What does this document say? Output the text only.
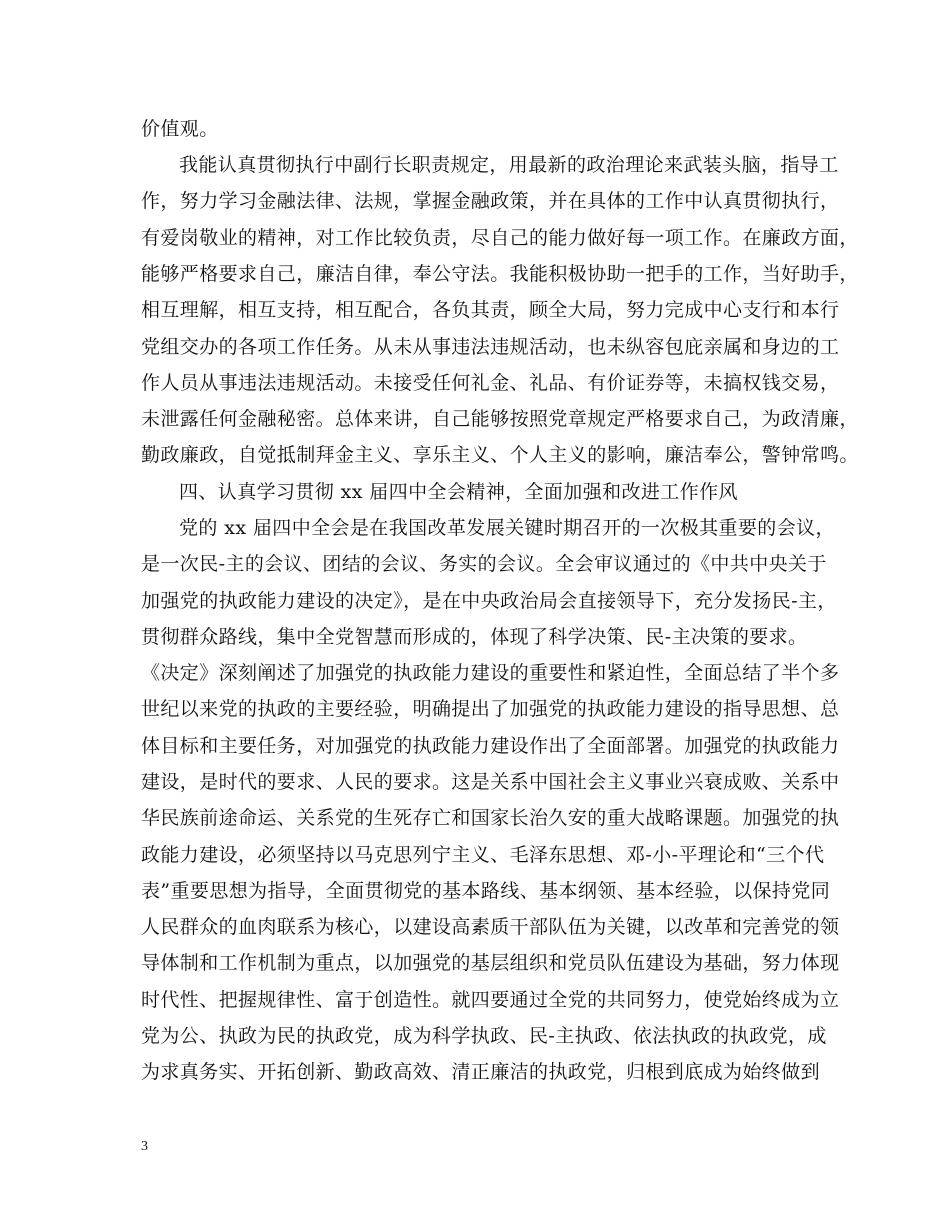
价值观。
我能认真贯彻执行中副行长职责规定，用最新的政治理论来武装头脑，指导工
作，努力学习金融法律、法规，掌握金融政策，并在具体的工作中认真贯彻执行，
有爱岗敬业的精神，对工作比较负责，尽自己的能力做好每一项工作。在廉政方面，
能够严格要求自己，廉洁自律，奉公守法。我能积极协助一把手的工作，当好助手，
相互理解，相互支持，相互配合，各负其责，顾全大局，努力完成中心支行和本行
党组交办的各项工作任务。从未从事违法违规活动，也未纵容包庇亲属和身边的工
作人员从事违法违规活动。未接受任何礼金、礼品、有价证券等，未搞权钱交易，
未泄露任何金融秘密。总体来讲，自己能够按照党章规定严格要求自己，为政清廉，
勤政廉政，自觉抵制拜金主义、享乐主义、个人主义的影响，廉洁奉公，警钟常鸣。
四、认真学习贯彻 xx 届四中全会精神，全面加强和改进工作作风
党的 xx 届四中全会是在我国改革发展关键时期召开的一次极其重要的会议，
是一次民-主的会议、团结的会议、务实的会议。全会审议通过的《中共中央关于
加强党的执政能力建设的决定》，是在中央政治局会直接领导下，充分发扬民-主，
贯彻群众路线，集中全党智慧而形成的，体现了科学决策、民-主决策的要求。
《决定》深刻阐述了加强党的执政能力建设的重要性和紧迫性，全面总结了半个多
世纪以来党的执政的主要经验，明确提出了加强党的执政能力建设的指导思想、总
体目标和主要任务，对加强党的执政能力建设作出了全面部署。加强党的执政能力
建设，是时代的要求、人民的要求。这是关系中国社会主义事业兴衰成败、关系中
华民族前途命运、关系党的生死存亡和国家长治久安的重大战略课题。加强党的执
政能力建设，必须坚持以马克思列宁主义、毛泽东思想、邓-小-平理论和“三个代
表”重要思想为指导，全面贯彻党的基本路线、基本纲领、基本经验，以保持党同
人民群众的血肉联系为核心，以建设高素质干部队伍为关键，以改革和完善党的领
导体制和工作机制为重点，以加强党的基层组织和党员队伍建设为基础，努力体现
时代性、把握规律性、富于创造性。就四要通过全党的共同努力，使党始终成为立
党为公、执政为民的执政党，成为科学执政、民-主执政、依法执政的执政党，成
为求真务实、开拓创新、勤政高效、清正廉洁的执政党，归根到底成为始终做到
3
